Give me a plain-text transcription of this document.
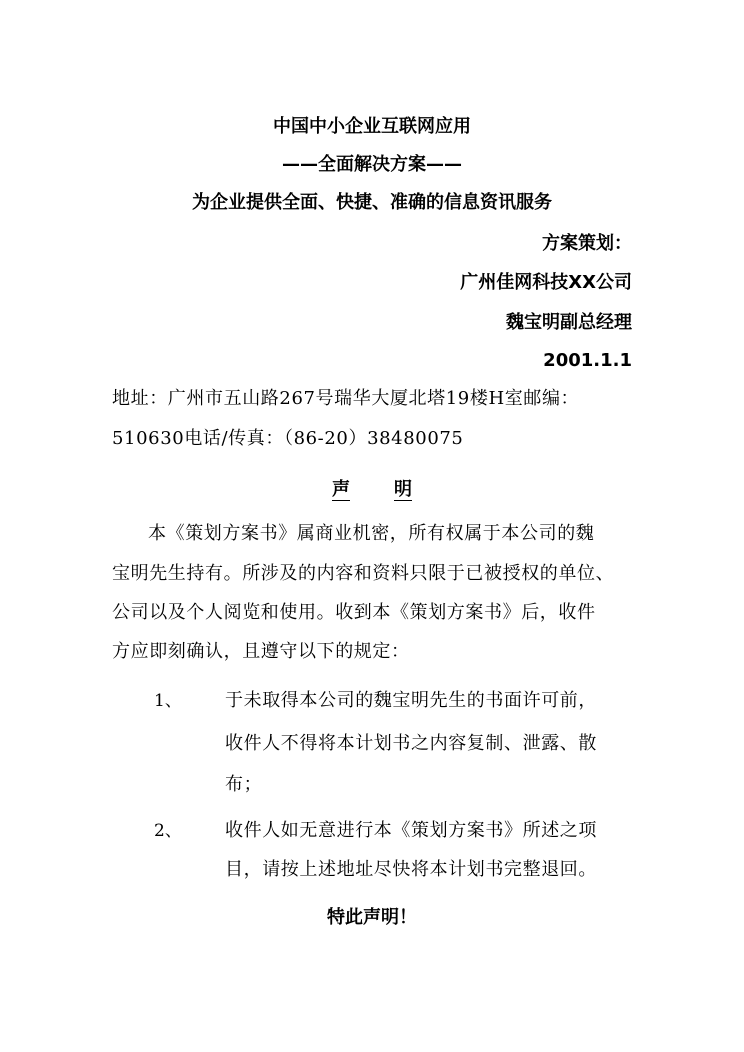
中国中小企业互联网应用
——全面解决方案——
为企业提供全面、快捷、准确的信息资讯服务
方案策划：
广州佳网科技XX公司
魏宝明副总经理
2001.1.1
地址：广州市五山路267号瑞华大厦北塔19楼H室邮编：
510630电话/传真：（86-20）38480075
声 明
本《策划方案书》属商业机密，所有权属于本公司的魏
宝明先生持有。所涉及的内容和资料只限于已被授权的单位、
公司以及个人阅览和使用。收到本《策划方案书》后，收件
方应即刻确认，且遵守以下的规定：
1、 于未取得本公司的魏宝明先生的书面许可前，
收件人不得将本计划书之内容复制、泄露、散
布；
2、 收件人如无意进行本《策划方案书》所述之项
目，请按上述地址尽快将本计划书完整退回。
特此声明！
